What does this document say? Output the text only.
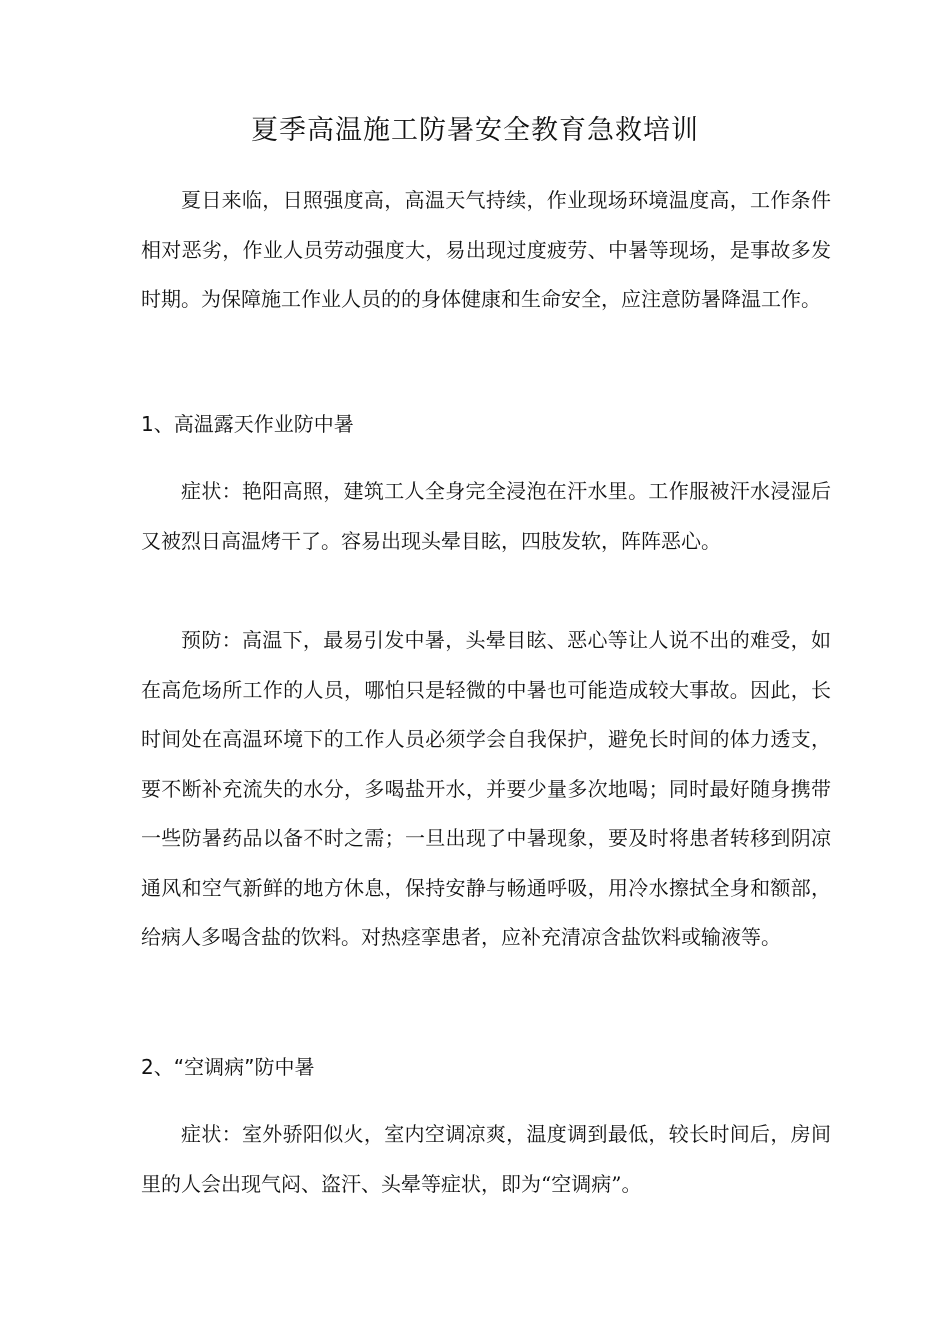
夏季高温施工防暑安全教育急救培训

夏日来临，日照强度高，高温天气持续，作业现场环境温度高，工作条件相对恶劣，作业人员劳动强度大，易出现过度疲劳、中暑等现场，是事故多发时期。为保障施工作业人员的的身体健康和生命安全，应注意防暑降温工作。

1、高温露天作业防中暑

症状：艳阳高照，建筑工人全身完全浸泡在汗水里。工作服被汗水浸湿后又被烈日高温烤干了。容易出现头晕目眩，四肢发软，阵阵恶心。

预防：高温下，最易引发中暑，头晕目眩、恶心等让人说不出的难受，如在高危场所工作的人员，哪怕只是轻微的中暑也可能造成较大事故。因此，长时间处在高温环境下的工作人员必须学会自我保护，避免长时间的体力透支，要不断补充流失的水分，多喝盐开水，并要少量多次地喝；同时最好随身携带一些防暑药品以备不时之需；一旦出现了中暑现象，要及时将患者转移到阴凉通风和空气新鲜的地方休息，保持安静与畅通呼吸，用冷水擦拭全身和额部，给病人多喝含盐的饮料。对热痉挛患者，应补充清凉含盐饮料或输液等。

2、“空调病”防中暑

症状：室外骄阳似火，室内空调凉爽，温度调到最低，较长时间后，房间里的人会出现气闷、盗汗、头晕等症状，即为“空调病”。
